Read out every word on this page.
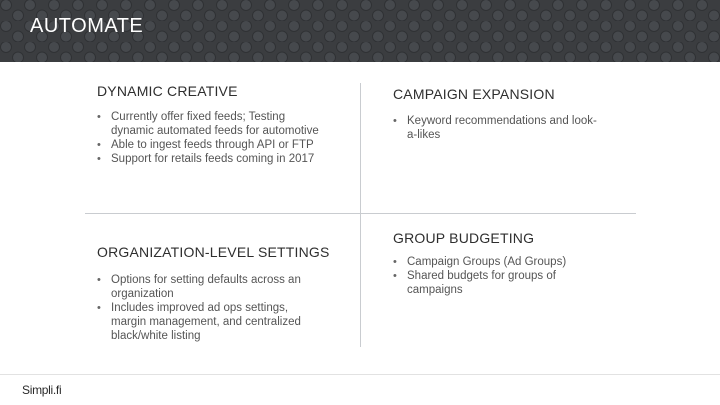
AUTOMATE
DYNAMIC CREATIVE
• Currently offer fixed feeds; Testing dynamic automated feeds for automotive
• Able to ingest feeds through API or FTP
• Support for retails feeds coming in 2017
CAMPAIGN EXPANSION
• Keyword recommendations and look-a-likes
ORGANIZATION-LEVEL SETTINGS
• Options for setting defaults across an organization
• Includes improved ad ops settings, margin management, and centralized black/white listing
GROUP BUDGETING
• Campaign Groups (Ad Groups)
• Shared budgets for groups of campaigns
Simpli.fi
